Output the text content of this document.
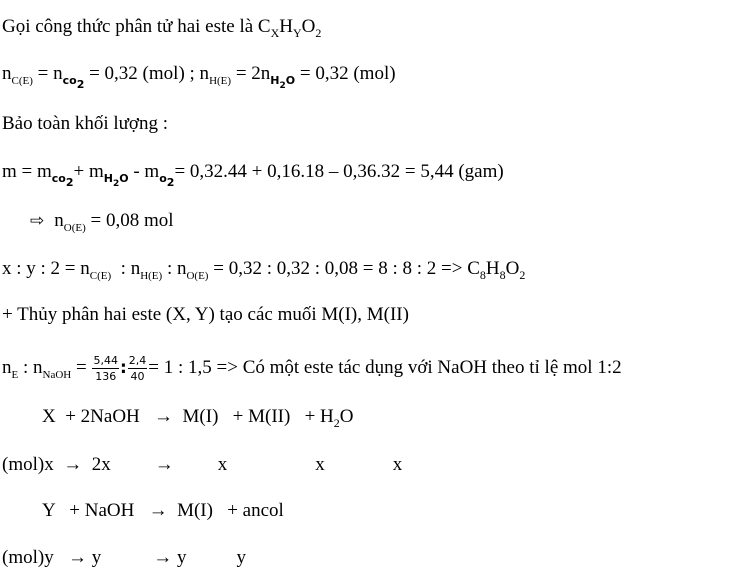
Gọi công thức phân tử hai este là $C_XH_YO_2$
$n_{C(E)} = n_{co2} = 0,32$ (mol) ; $n_{H(E)} = 2n_{H2O} = 0,32$ (mol)
Bảo toàn khối lượng :
$m = m_{co2}+ m_{H2O} - m_{o2}= 0,32.44 + 0,16.18 - 0,36.32 = 5,44$ (gam)
⇨ $n_{O(E)} = 0,08$ mol
x : y : $2 = n_{C(E)}$  : $n_{H(E)}$ : $n_{O(E)} = 0,32$ : 0,32 : 0,08 = 8 : 8 : $2 => C_8H_8O_2$
+ Thủy phân hai este (X, Y) tạo các muối M(I), M(II)
$n_E$ : $n_{NaOH} = \frac{5,44}{136}$ : $\frac{2,4}{40} = 1$ : 1,5 => Có một este tác dụng với NaOH theo tỉ lệ mol 1:2
X  + 2NaOH   →  $M(I) + M(II) + H_2O$
(mol)x  →  2x → x	x	x
Y   + NaOH   →  M(I)   + ancol
(mol)y   → y	→ y	y
